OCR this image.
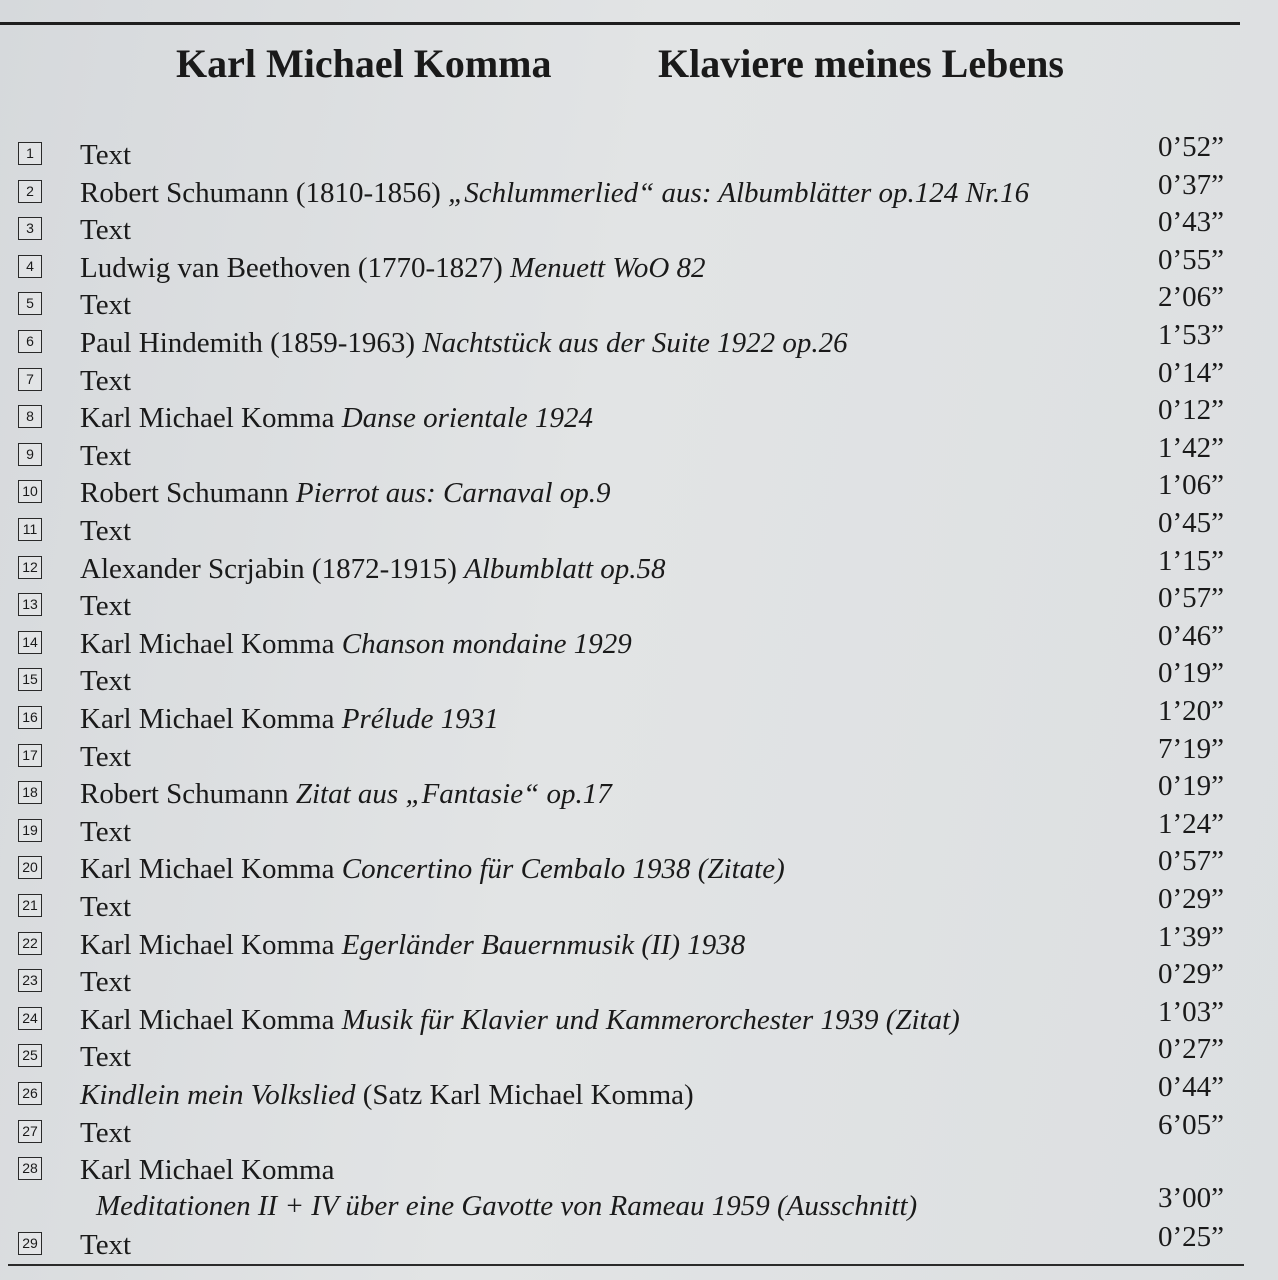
Karl Michael Komma	Klaviere meines Lebens
1 Text	0’52”
2 Robert Schumann (1810-1856) „Schlummerlied“ aus: Albumblätter op.124 Nr.16	0’37”
3 Text	0’43”
4 Ludwig van Beethoven (1770-1827) Menuett WoO 82	0’55”
5 Text	2’06”
6 Paul Hindemith (1859-1963) Nachtstück aus der Suite 1922 op.26	1’53”
7 Text	0’14”
8 Karl Michael Komma Danse orientale 1924	0’12”
9 Text	1’42”
10 Robert Schumann Pierrot aus: Carnaval op.9	1’06”
11 Text	0’45”
12 Alexander Scrjabin (1872-1915) Albumblatt op.58	1’15”
13 Text	0’57”
14 Karl Michael Komma Chanson mondaine 1929	0’46”
15 Text	0’19”
16 Karl Michael Komma Prélude 1931	1’20”
17 Text	7’19”
18 Robert Schumann Zitat aus „Fantasie“ op.17	0’19”
19 Text	1’24”
20 Karl Michael Komma Concertino für Cembalo 1938 (Zitate)	0’57”
21 Text	0’29”
22 Karl Michael Komma Egerländer Bauernmusik (II) 1938	1’39”
23 Text	0’29”
24 Karl Michael Komma Musik für Klavier und Kammerorchester 1939 (Zitat)	1’03”
25 Text	0’27”
26 Kindlein mein Volkslied (Satz Karl Michael Komma)	0’44”
27 Text	6’05”
28 Karl Michael Komma
Meditationen II + IV über eine Gavotte von Rameau 1959 (Ausschnitt)	3’00”
29 Text	0’25”
